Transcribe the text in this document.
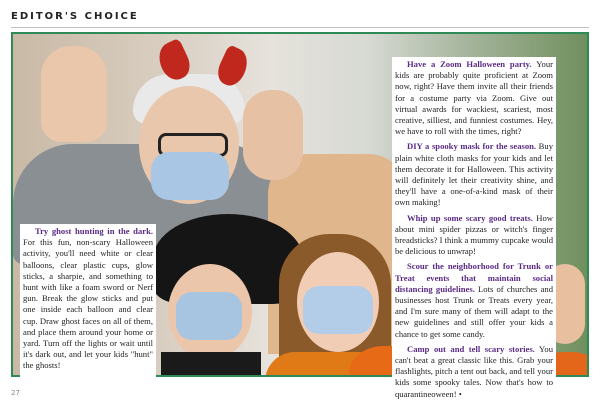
EDITOR'S CHOICE

Try ghost hunting in the dark. For this fun, non-scary Halloween activity, you'll need white or clear balloons, clear plastic cups, glow sticks, a sharpie, and something to hunt with like a foam sword or Nerf gun. Break the glow sticks and put one inside each balloon and clear cup. Draw ghost faces on all of them, and place them around your home or yard. Turn off the lights or wait until it's dark out, and let your kids "hunt" the ghosts!

Have a Zoom Halloween party. Your kids are probably quite proficient at Zoom now, right? Have them invite all their friends for a costume party via Zoom. Give out virtual awards for wackiest, scariest, most creative, silliest, and funniest costumes. Hey, we have to roll with the times, right?

DIY a spooky mask for the season. Buy plain white cloth masks for your kids and let them decorate it for Halloween. This activity will definitely let their creativity shine, and they'll have a one-of-a-kind mask of their own making!

Whip up some scary good treats. How about mini spider pizzas or witch's finger breadsticks? I think a mummy cupcake would be delicious to unwrap!

Scour the neighborhood for Trunk or Treat events that maintain social distancing guidelines. Lots of churches and businesses host Trunk or Treats every year, and I'm sure many of them will adapt to the new guidelines and still offer your kids a chance to get some candy.

Camp out and tell scary stories. You can't beat a great classic like this. Grab your flashlights, pitch a tent out back, and tell your kids some spooky tales. Now that's how to quarantineoween! •

27
